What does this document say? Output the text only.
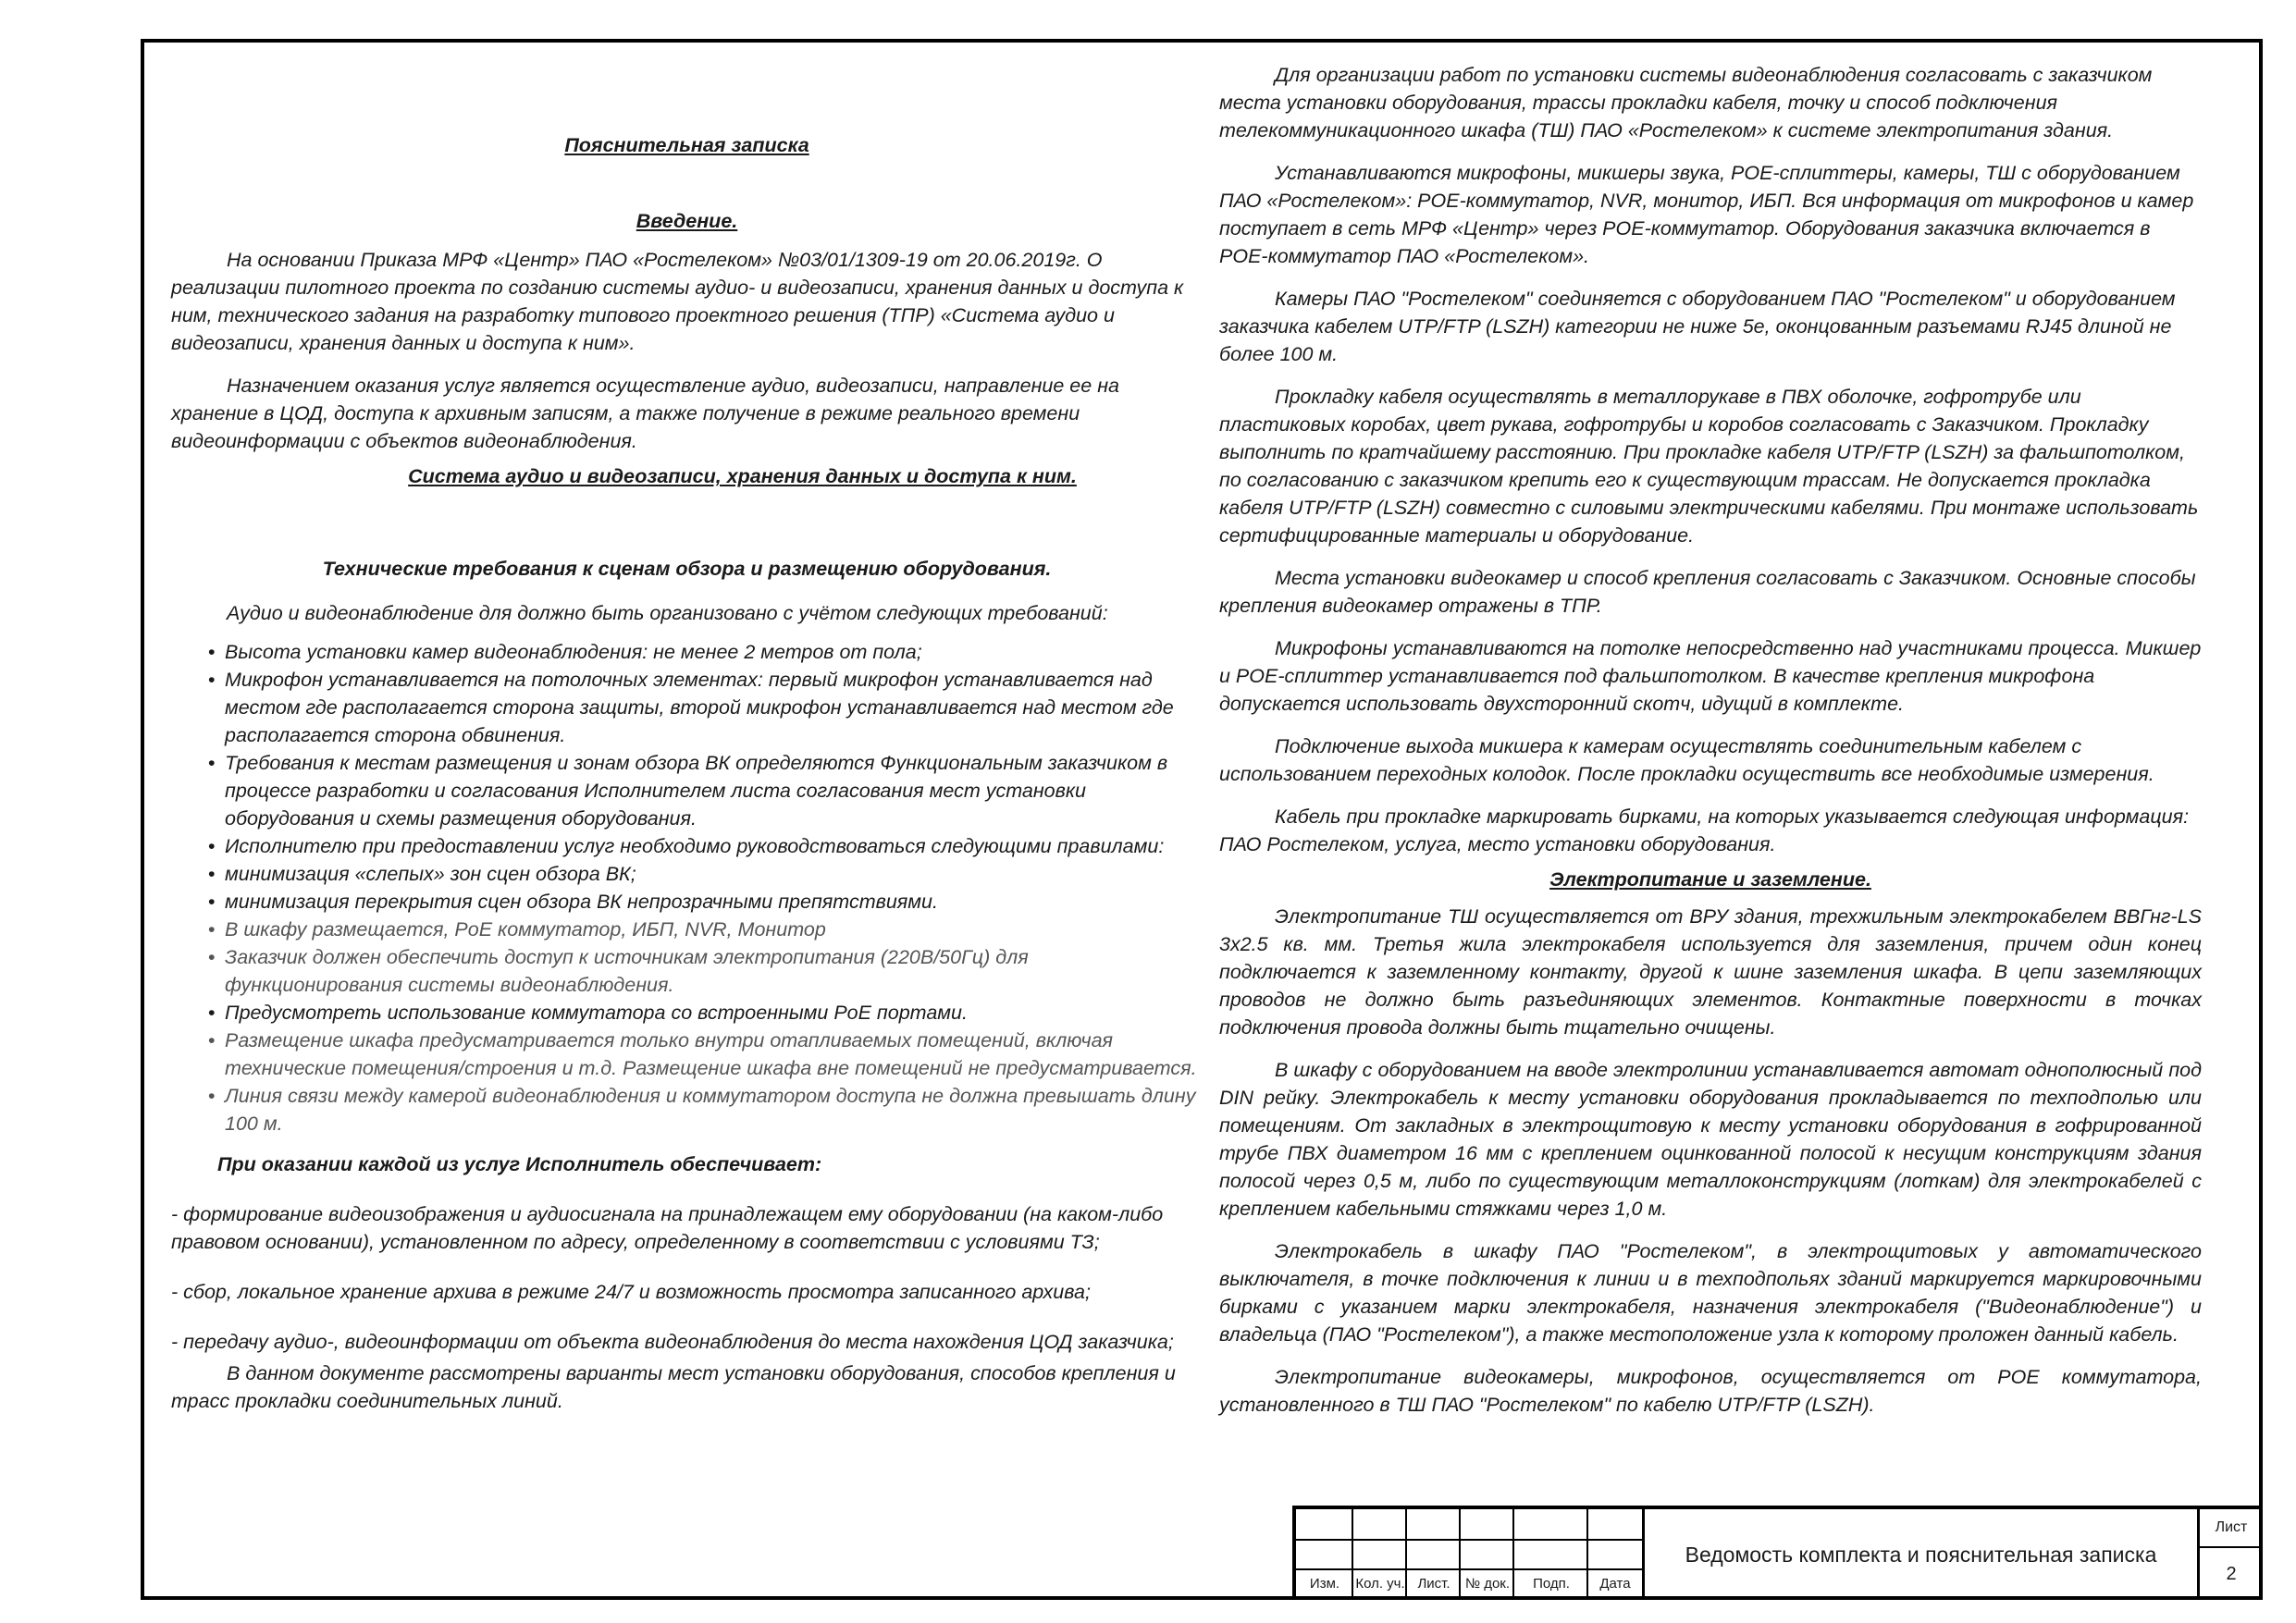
Пояснительная записка

Введение.

На основании Приказа МРФ «Центр» ПАО «Ростелеком» №03/01/1309-19 от 20.06.2019г. О реализации пилотного проекта по созданию системы аудио- и видеозаписи, хранения данных и доступа к ним, технического задания на разработку типового проектного решения (ТПР) «Система аудио и видеозаписи, хранения данных и доступа к ним».

Назначением оказания услуг является осуществление аудио, видеозаписи, направление ее на хранение в ЦОД, доступа к архивным записям, а также получение в режиме реального времени видеоинформации с объектов видеонаблюдения.

Система аудио и видеозаписи, хранения данных и доступа к ним.

Технические требования к сценам обзора и размещению оборудования.

Аудио и видеонаблюдение для должно быть организовано с учётом следующих требований:

• Высота установки камер видеонаблюдения: не менее 2 метров от пола;
• Микрофон устанавливается на потолочных элементах: первый микрофон устанавливается над местом где располагается сторона защиты, второй микрофон устанавливается над местом где располагается сторона обвинения.
• Требования к местам размещения и зонам обзора ВК определяются Функциональным заказчиком в процессе разработки и согласования Исполнителем листа согласования мест установки оборудования и схемы размещения оборудования.
• Исполнителю при предоставлении услуг необходимо руководствоваться следующими правилами:
• минимизация «слепых» зон сцен обзора ВК;
• минимизация перекрытия сцен обзора ВК непрозрачными препятствиями.
• В шкафу размещается, PoE коммутатор, ИБП, NVR, Монитор
• Заказчик должен обеспечить доступ к источникам электропитания (220В/50Гц) для функционирования системы видеонаблюдения.
• Предусмотреть использование коммутатора со встроенными PoE портами.
• Размещение шкафа предусматривается только внутри отапливаемых помещений, включая технические помещения/строения и т.д. Размещение шкафа вне помещений не предусматривается.
• Линия связи между камерой видеонаблюдения и коммутатором доступа не должна превышать длину 100 м.

При оказании каждой из услуг Исполнитель обеспечивает:

- формирование видеоизображения и аудиосигнала на принадлежащем ему оборудовании (на каком-либо правовом основании), установленном по адресу, определенному в соответствии с условиями ТЗ;

- сбор, локальное хранение архива в режиме 24/7 и возможность просмотра записанного архива;

- передачу аудио-, видеоинформации от объекта видеонаблюдения до места нахождения ЦОД заказчика;

В данном документе рассмотрены варианты мест установки оборудования, способов крепления и трасс прокладки соединительных линий.

Для организации работ по установки системы видеонаблюдения согласовать с заказчиком места установки оборудования, трассы прокладки кабеля, точку и способ подключения телекоммуникационного шкафа (ТШ) ПАО «Ростелеком» к системе электропитания здания.

Устанавливаются микрофоны, микшеры звука, POE-сплиттеры, камеры, ТШ с оборудованием ПАО «Ростелеком»: POE-коммутатор, NVR, монитор, ИБП. Вся информация от микрофонов и камер поступает в сеть МРФ «Центр» через POE-коммутатор. Оборудования заказчика включается в POE-коммутатор ПАО «Ростелеком».

Камеры ПАО "Ростелеком" соединяется с оборудованием ПАО "Ростелеком" и оборудованием заказчика кабелем UTP/FTP (LSZH) категории не ниже 5е, оконцованным разъемами RJ45 длиной не более 100 м.

Прокладку кабеля осуществлять в металлорукаве в ПВХ оболочке, гофротрубе или пластиковых коробах, цвет рукава, гофротрубы и коробов согласовать с Заказчиком. Прокладку выполнить по кратчайшему расстоянию. При прокладке кабеля UTP/FTP (LSZH) за фальшпотолком, по согласованию с заказчиком крепить его к существующим трассам. Не допускается прокладка кабеля UTP/FTP (LSZH) совместно с силовыми электрическими кабелями. При монтаже использовать сертифицированные материалы и оборудование.

Места установки видеокамер и способ крепления согласовать с Заказчиком. Основные способы крепления видеокамер отражены в ТПР.

Микрофоны устанавливаются на потолке непосредственно над участниками процесса. Микшер и POE-сплиттер устанавливается под фальшпотолком. В качестве крепления микрофона допускается использовать двухсторонний скотч, идущий в комплекте.

Подключение выхода микшера к камерам осуществлять соединительным кабелем с использованием переходных колодок. После прокладки осуществить все необходимые измерения.

Кабель при прокладке маркировать бирками, на которых указывается следующая информация: ПАО Ростелеком, услуга, место установки оборудования.

Электропитание и заземление.

Электропитание ТШ осуществляется от ВРУ здания, трехжильным электрокабелем ВВГнг-LS 3х2.5 кв. мм. Третья жила электрокабеля используется для заземления, причем один конец подключается к заземленному контакту, другой к шине заземления шкафа. В цепи заземляющих проводов не должно быть разъединяющих элементов. Контактные поверхности в точках подключения провода должны быть тщательно очищены.

В шкафу с оборудованием на вводе электролинии устанавливается автомат однополюсный под DIN рейку. Электрокабель к месту установки оборудования прокладывается по техподполью или помещениям. От закладных в электрощитовую к месту установки оборудования в гофрированной трубе ПВХ диаметром 16 мм с креплением оцинкованной полосой к несущим конструкциям здания полосой через 0,5 м, либо по существующим металлоконструкциям (лоткам) для электрокабелей с креплением кабельными стяжками через 1,0 м.

Электрокабель в шкафу ПАО "Ростелеком", в электрощитовых у автоматического выключателя, в точке подключения к линии и в техподпольях зданий маркируется маркировочными бирками с указанием марки электрокабеля, назначения электрокабеля ("Видеонаблюдение") и владельца (ПАО "Ростелеком"), а также местоположение узла к которому проложен данный кабель.

Электропитание видеокамеры, микрофонов, осуществляется от POE коммутатора, установленного в ТШ ПАО "Ростелеком" по кабелю UTP/FTP (LSZH).

Изм.	Кол. уч. Лист.	№ док.	Подп.	Дата
Ведомость комплекта и пояснительная записка
Лист
2
